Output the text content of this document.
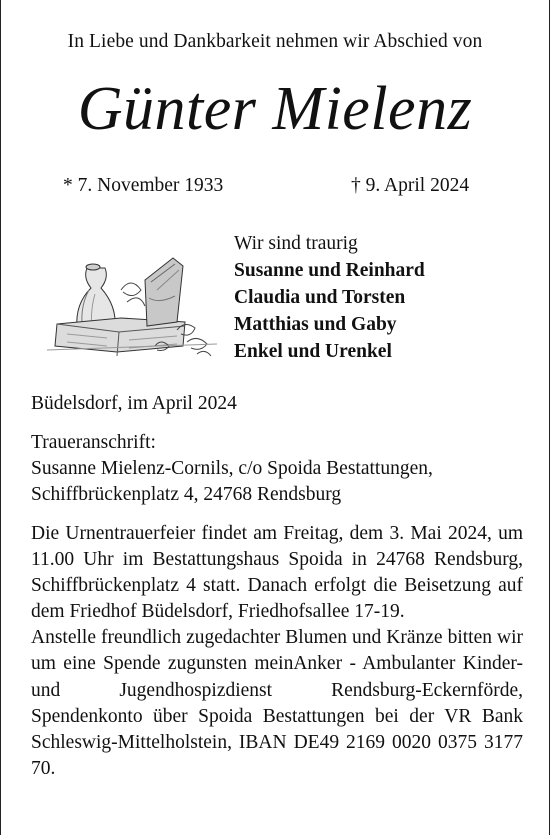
In Liebe und Dankbarkeit nehmen wir Abschied von
Günter Mielenz
* 7. November 1933	† 9. April 2024
Wir sind traurig
Susanne und Reinhard
Claudia und Torsten
Matthias und Gaby
Enkel und Urenkel
Büdelsdorf, im April 2024
Traueranschrift:
Susanne Mielenz-Cornils, c/o Spoida Bestattungen,
Schiffbrückenplatz 4, 24768 Rendsburg

Die Urnentrauerfeier findet am Freitag, dem 3. Mai 2024, um 11.00 Uhr im Bestattungshaus Spoida in 24768 Rendsburg, Schiffbrückenplatz 4 statt. Danach erfolgt die Beisetzung auf dem Friedhof Büdelsdorf, Friedhofsallee 17-19.

Anstelle freundlich zugedachter Blumen und Kränze bitten wir um eine Spende zugunsten meinAnker - Ambulanter Kinder- und Jugendhospizdienst Rendsburg-Eckernförde, Spendenkonto über Spoida Bestattungen bei der VR Bank Schleswig-Mittelholstein, IBAN DE49 2169 0020 0375 3177 70.
